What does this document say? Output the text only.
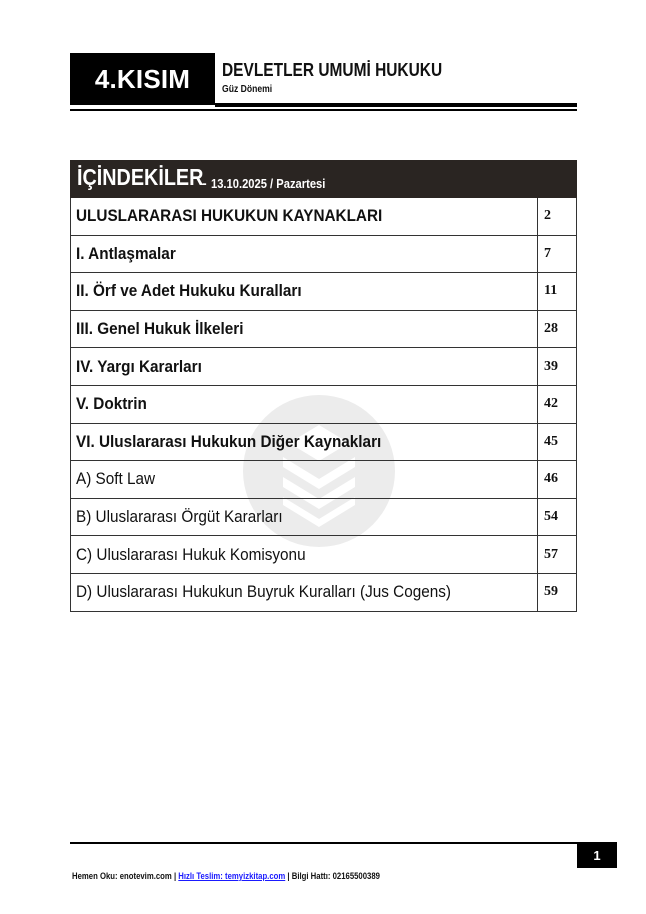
4.KISIM	DEVLETLER UMUMİ HUKUKU
Güz Dönemi
İÇİNDEKİLER
- 13.10.2025 / Pazartesi
ULUSLARARASI HUKUKUN KAYNAKLARI	2
I. Antlaşmalar	7
II. Örf ve Adet Hukuku Kuralları	11
III. Genel Hukuk İlkeleri	28
IV. Yargı Kararları	39
V. Doktrin	42
VI. Uluslararası Hukukun Diğer Kaynakları	45
A) Soft Law	46
B) Uluslararası Örgüt Kararları	54
C) Uluslararası Hukuk Komisyonu	57
D) Uluslararası Hukukun Buyruk Kuralları (Jus Cogens)	59
1
Hemen Oku: enotevim.com | Hızlı Teslim: temyizkitap.com | Bilgi Hattı: 02165500389
